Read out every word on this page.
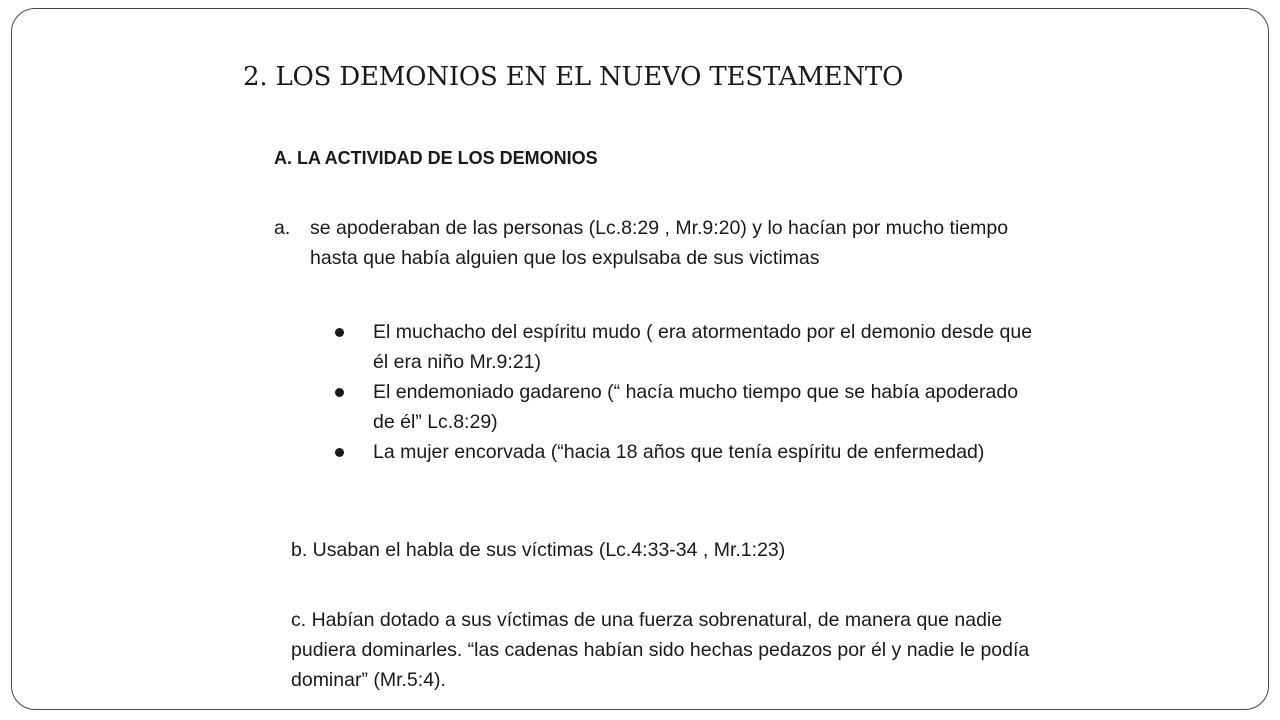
2. LOS DEMONIOS EN EL NUEVO TESTAMENTO
A. LA ACTIVIDAD DE LOS DEMONIOS
a. se apoderaban de las personas (Lc.8:29 , Mr.9:20) y lo hacían por mucho tiempo hasta que había alguien que los expulsaba de sus victimas
El muchacho del espíritu mudo ( era atormentado por el demonio desde que él era niño Mr.9:21)
El endemoniado gadareno (“ hacía mucho tiempo que se había apoderado de él” Lc.8:29)
La mujer encorvada (“hacia 18 años que tenía espíritu de enfermedad)
b. Usaban el habla de sus víctimas (Lc.4:33-34 , Mr.1:23)
c. Habían dotado a sus víctimas de una fuerza sobrenatural, de manera que nadie pudiera dominarles. “las cadenas habían sido hechas pedazos por él y nadie le podía dominar” (Mr.5:4).
